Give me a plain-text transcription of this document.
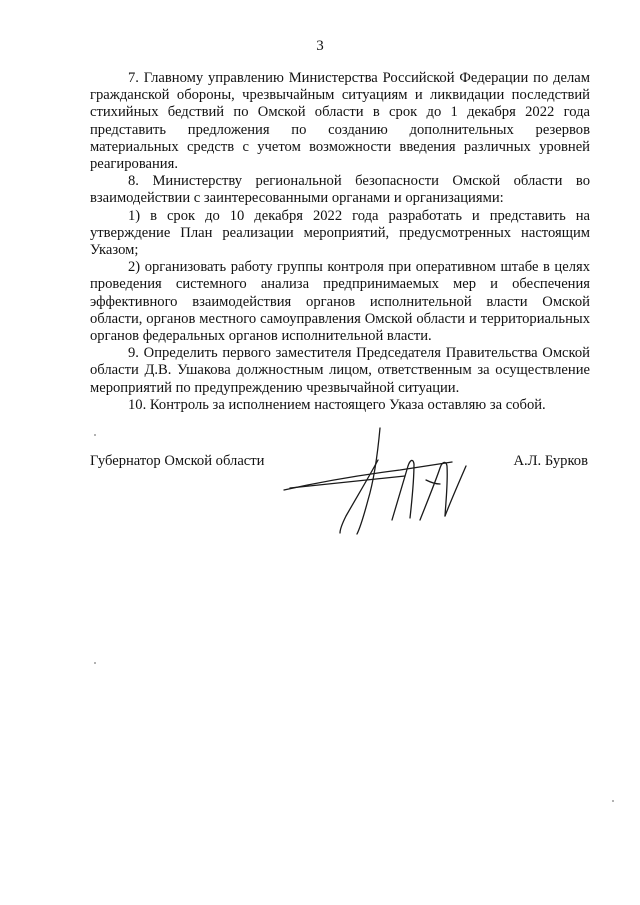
3

7. Главному управлению Министерства Российской Федерации по делам гражданской обороны, чрезвычайным ситуациям и ликвидации последствий стихийных бедствий по Омской области в срок до 1 декабря 2022 года представить предложения по созданию дополнительных резервов материальных средств с учетом возможности введения различных уровней реагирования.

8. Министерству региональной безопасности Омской области во взаимодействии с заинтересованными органами и организациями:

1) в срок до 10 декабря 2022 года разработать и представить на утверждение План реализации мероприятий, предусмотренных настоящим Указом;

2) организовать работу группы контроля при оперативном штабе в целях проведения системного анализа предпринимаемых мер и обеспечения эффективного взаимодействия органов исполнительной власти Омской области, органов местного самоуправления Омской области и территориальных органов федеральных органов исполнительной власти.

9. Определить первого заместителя Председателя Правительства Омской области Д.В. Ушакова должностным лицом, ответственным за осуществление мероприятий по предупреждению чрезвычайной ситуации.

10. Контроль за исполнением настоящего Указа оставляю за собой.

Губернатор Омской области	А.Л. Бурков
